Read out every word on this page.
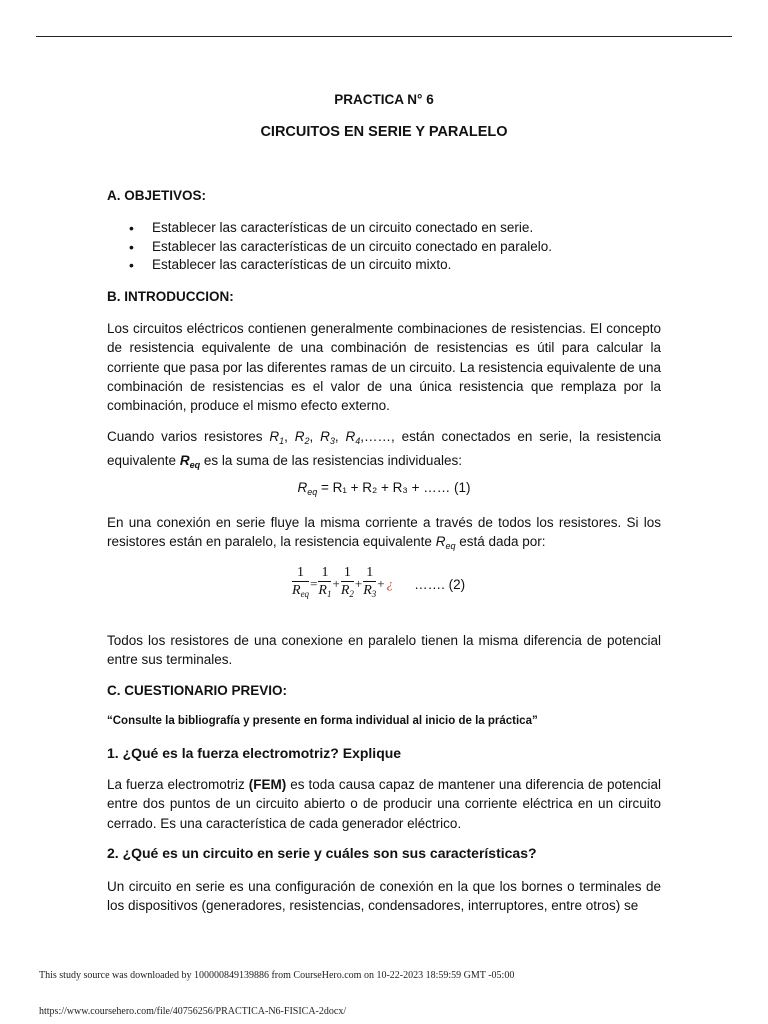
PRACTICA N° 6
CIRCUITOS EN SERIE Y PARALELO
A. OBJETIVOS:
• Establecer las características de un circuito conectado en serie.
• Establecer las características de un circuito conectado en paralelo.
• Establecer las características de un circuito mixto.
B. INTRODUCCION:
Los circuitos eléctricos contienen generalmente combinaciones de resistencias. El concepto de resistencia equivalente de una combinación de resistencias es útil para calcular la corriente que pasa por las diferentes ramas de un circuito. La resistencia equivalente de una combinación de resistencias es el valor de una única resistencia que remplaza por la combinación, produce el mismo efecto externo.
Cuando varios resistores $R_1$, $R_2$, $R_3$, $R_4,\dots\dots$, están conectados en serie, la resistencia equivalente $R_{eq}$ es la suma de las resistencias individuales:
$R_{eq} = R_1 + R_2 + R_3$ + …… (1)
En una conexión en serie fluye la misma corriente a través de todos los resistores. Si los resistores están en paralelo, la resistencia equivalente $R_{eq}$ está dada por:
$\frac{1}{R_{eq}} = \frac{1}{R_1} + \frac{1}{R_2} + \frac{1}{R_3}$ + ¿ ……. (2)
Todos los resistores de una conexione en paralelo tienen la misma diferencia de potencial entre sus terminales.
C. CUESTIONARIO PREVIO:
“Consulte la bibliografía y presente en forma individual al inicio de la práctica”
1. ¿Qué es la fuerza electromotriz? Explique
La fuerza electromotriz (FEM) es toda causa capaz de mantener una diferencia de potencial entre dos puntos de un circuito abierto o de producir una corriente eléctrica en un circuito cerrado. Es una característica de cada generador eléctrico.
2. ¿Qué es un circuito en serie y cuáles son sus características?
Un circuito en serie es una configuración de conexión en la que los bornes o terminales de los dispositivos (generadores, resistencias, condensadores, interruptores, entre otros) se
This study source was downloaded by 100000849139886 from CourseHero.com on 10-22-2023 18:59:59 GMT -05:00
https://www.coursehero.com/file/40756256/PRACTICA-N6-FISICA-2docx/
